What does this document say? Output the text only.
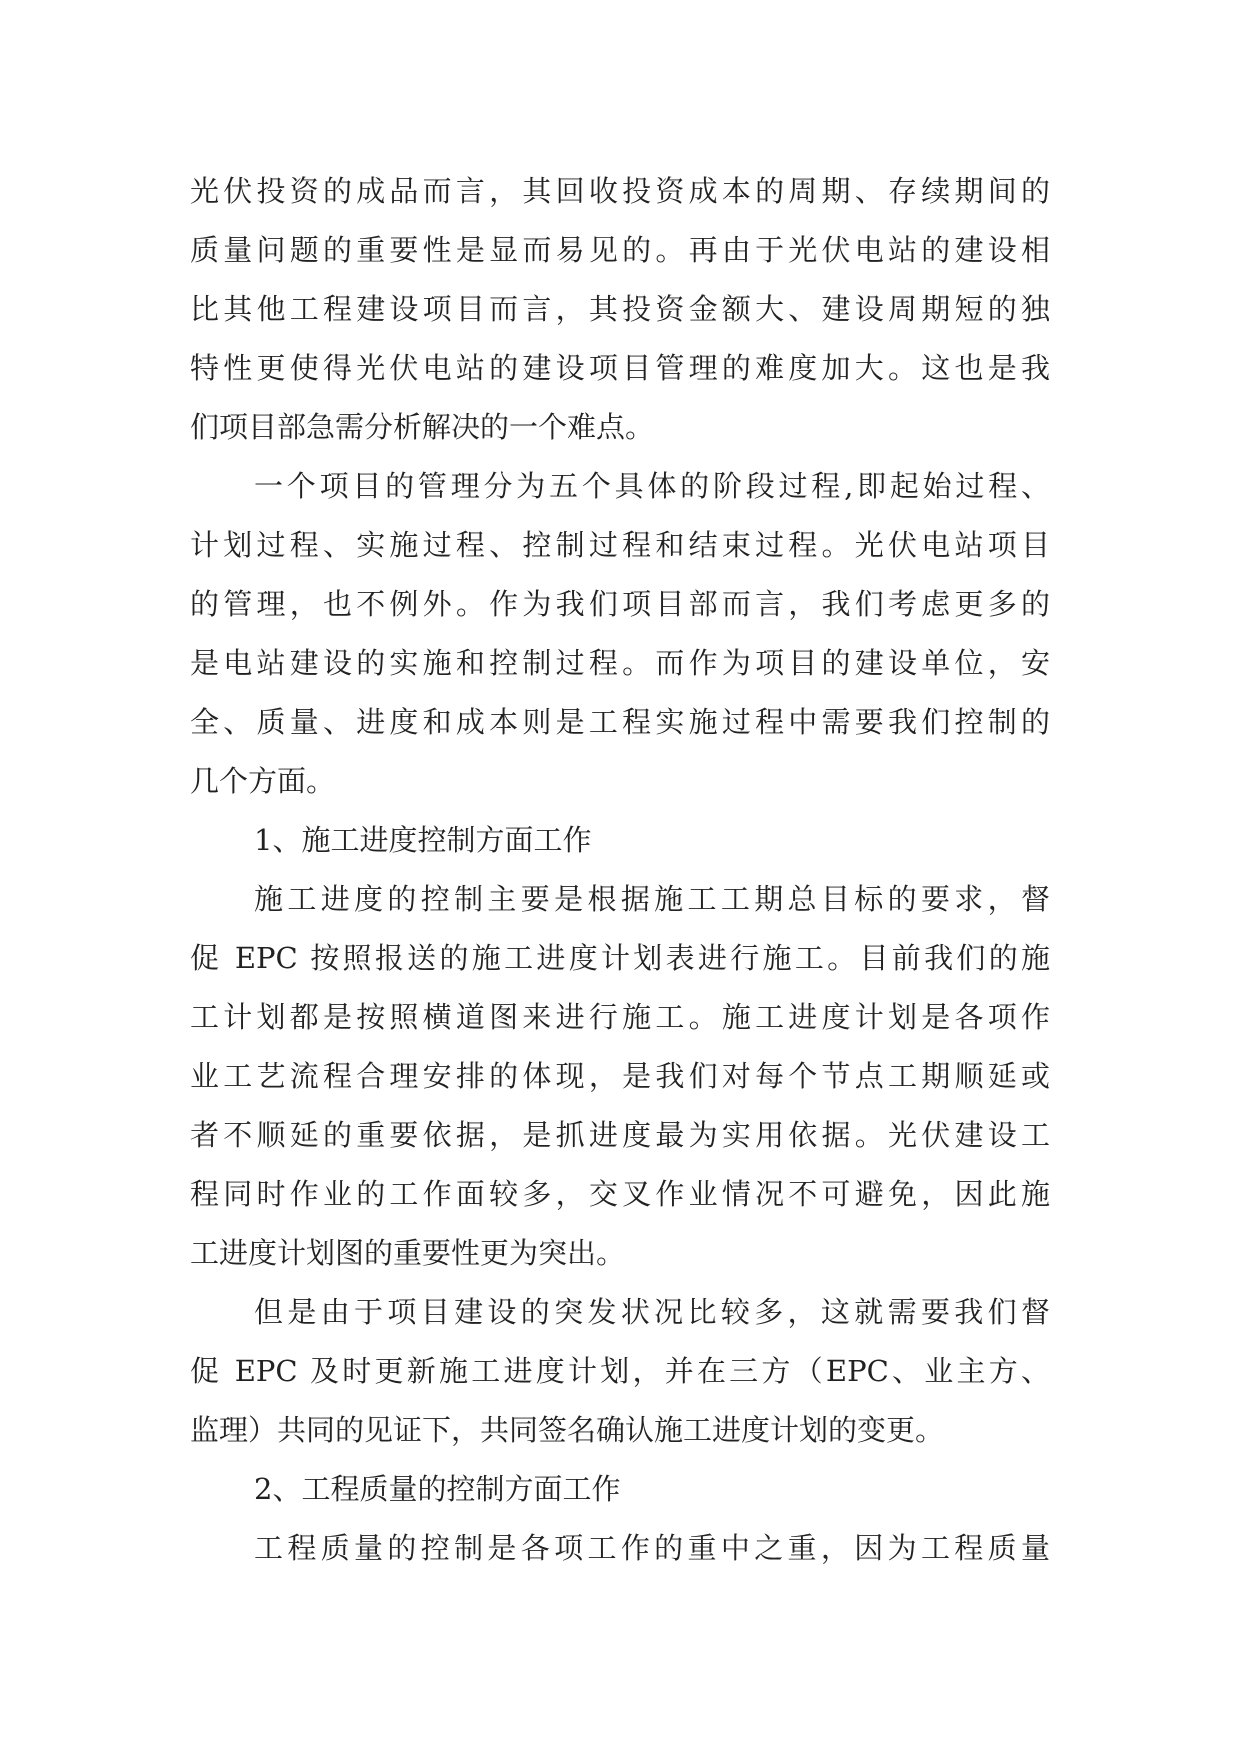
光伏投资的成品而言，其回收投资成本的周期、存续期间的
质量问题的重要性是显而易见的。再由于光伏电站的建设相
比其他工程建设项目而言，其投资金额大、建设周期短的独
特性更使得光伏电站的建设项目管理的难度加大。这也是我
们项目部急需分析解决的一个难点。
一个项目的管理分为五个具体的阶段过程,即起始过程、
计划过程、实施过程、控制过程和结束过程。光伏电站项目
的管理，也不例外。作为我们项目部而言，我们考虑更多的
是电站建设的实施和控制过程。而作为项目的建设单位，安
全、质量、进度和成本则是工程实施过程中需要我们控制的
几个方面。
1、施工进度控制方面工作
施工进度的控制主要是根据施工工期总目标的要求，督
促 EPC 按照报送的施工进度计划表进行施工。目前我们的施
工计划都是按照横道图来进行施工。施工进度计划是各项作
业工艺流程合理安排的体现，是我们对每个节点工期顺延或
者不顺延的重要依据，是抓进度最为实用依据。光伏建设工
程同时作业的工作面较多，交叉作业情况不可避免，因此施
工进度计划图的重要性更为突出。
但是由于项目建设的突发状况比较多，这就需要我们督
促 EPC 及时更新施工进度计划，并在三方（EPC、业主方、
监理）共同的见证下，共同签名确认施工进度计划的变更。
2、工程质量的控制方面工作
工程质量的控制是各项工作的重中之重，因为工程质量
